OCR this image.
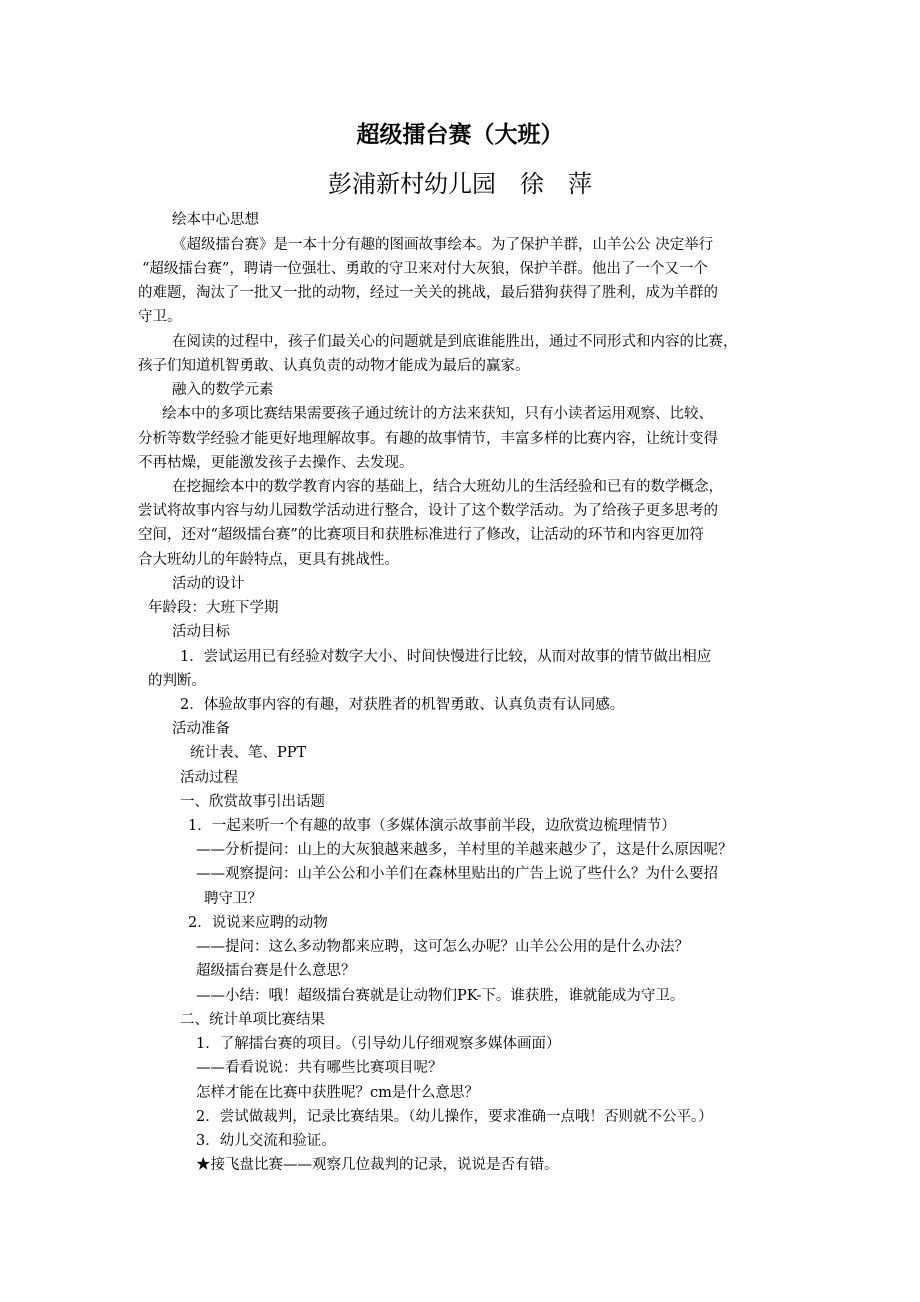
超级擂台赛（大班）
彭浦新村幼儿园　徐　萍
绘本中心思想
《超级擂台赛》是一本十分有趣的图画故事绘本。为了保护羊群，山羊公公 决定举行
“超级擂台赛”，聘请一位强壮、勇敢的守卫来对付大灰狼，保护羊群。他出了一个又一个
的难题，淘汰了一批又一批的动物，经过一关关的挑战，最后猎狗获得了胜利，成为羊群的
守卫。
在阅读的过程中，孩子们最关心的问题就是到底谁能胜出，通过不同形式和内容的比赛，
孩子们知道机智勇敢、认真负责的动物才能成为最后的赢家。
融入的数学元素
绘本中的多项比赛结果需要孩子通过统计的方法来获知，只有小读者运用观察、比较、
分析等数学经验才能更好地理解故事。有趣的故事情节，丰富多样的比赛内容，让统计变得
不再枯燥，更能激发孩子去操作、去发现。
在挖掘绘本中的数学教育内容的基础上，结合大班幼儿的生活经验和已有的数学概念，
尝试将故事内容与幼儿园数学活动进行整合，设计了这个数学活动。为了给孩子更多思考的
空间，还对“超级擂台赛”的比赛项目和获胜标准进行了修改，让活动的环节和内容更加符
合大班幼儿的年龄特点，更具有挑战性。
活动的设计
年龄段：大班下学期
活动目标
1．尝试运用已有经验对数字大小、时间快慢进行比较，从而对故事的情节做出相应
的判断。
2．体验故事内容的有趣，对获胜者的机智勇敢、认真负责有认同感。
活动准备
统计表、笔、PPT
活动过程
一、欣赏故事引出话题
1．一起来听一个有趣的故事（多媒体演示故事前半段，边欣赏边梳理情节）
——分析提问：山上的大灰狼越来越多，羊村里的羊越来越少了，这是什么原因呢？
——观察提问：山羊公公和小羊们在森林里贴出的广告上说了些什么？为什么要招
聘守卫？
2．说说来应聘的动物
——提问：这么多动物都来应聘，这可怎么办呢？山羊公公用的是什么办法？
超级擂台赛是什么意思？
——小结：哦！超级擂台赛就是让动物们PK-下。谁获胜，谁就能成为守卫。
二、统计单项比赛结果
1．了解擂台赛的项目。（引导幼儿仔细观察多媒体画面）
——看看说说：共有哪些比赛项目呢？
怎样才能在比赛中获胜呢？cm是什么意思？
2．尝试做裁判，记录比赛结果。（幼儿操作，要求准确一点哦！否则就不公平。）
3．幼儿交流和验证。
★接飞盘比赛——观察几位裁判的记录，说说是否有错。
